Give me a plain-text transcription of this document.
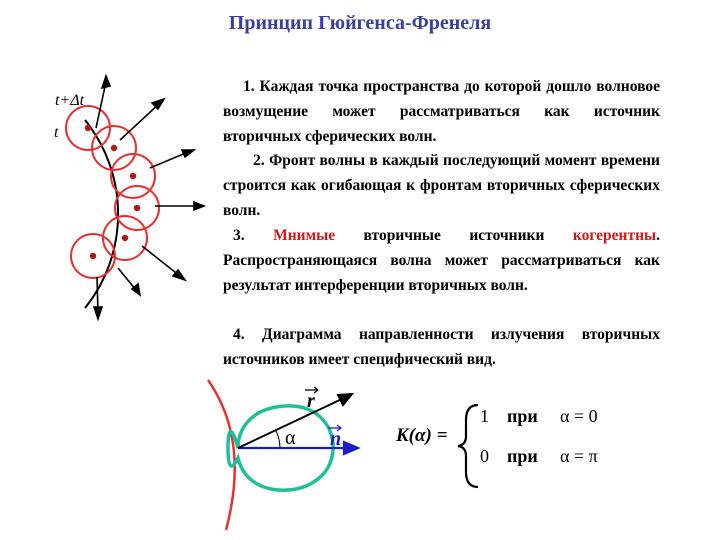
Принцип Гюйгенса-Френеля
t+Δt
t
1. Каждая точка пространства до которой дошло волновое возмущение может рассматриваться как источник вторичных сферических волн.
2. Фронт волны в каждый последующий момент времени строится как огибающая к фронтам вторичных сферических волн.
3. Мнимые вторичные источники когерентны. Распространяющаяся волна может рассматриваться как результат интерференции вторичных волн.
4. Диаграмма направленности излучения вторичных источников имеет специфический вид.
r
n
α	K(α) =
1 при α = 0
0 при α = π
